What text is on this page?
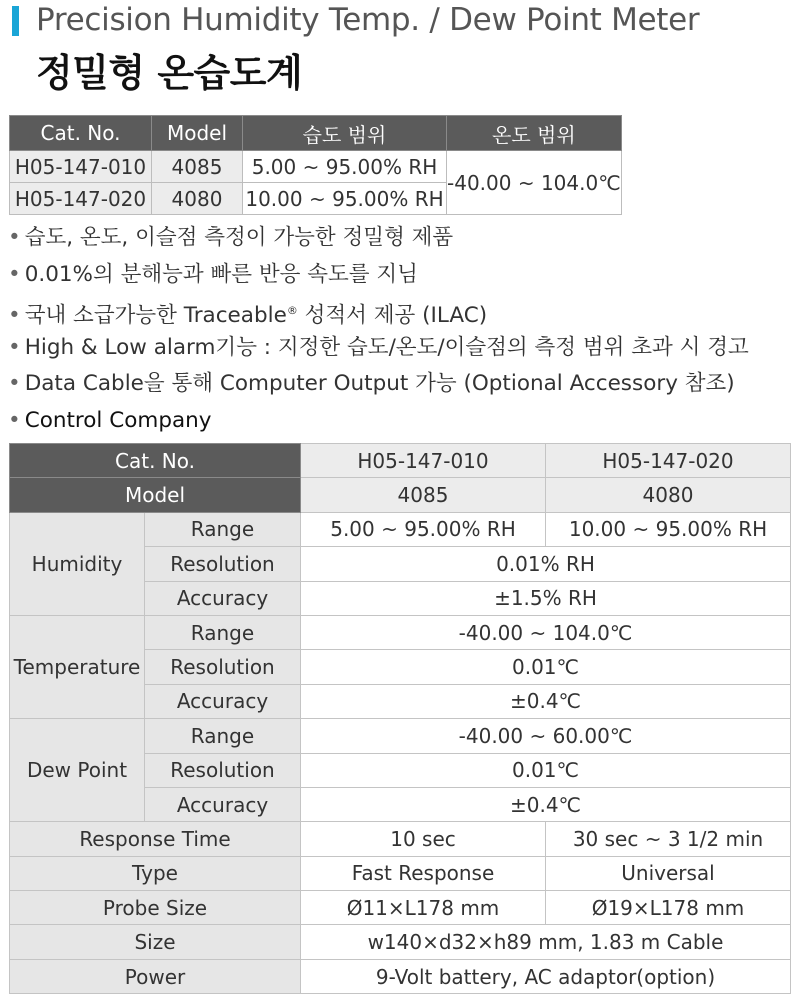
Precision Humidity Temp. / Dew Point Meter
정밀형 온습도계
Cat. No.	Model	습도 범위	온도 범위
H05-147-010	4085	5.00 ~ 95.00% RH	-40.00 ~ 104.0℃
H05-147-020	4080	10.00 ~ 95.00% RH	
• 습도, 온도, 이슬점 측정이 가능한 정밀형 제품
• 0.01%의 분해능과 빠른 반응 속도를 지님
• 국내 소급가능한 Traceable® 성적서 제공 (ILAC)
• High & Low alarm기능 : 지정한 습도/온도/이슬점의 측정 범위 초과 시 경고
• Data Cable을 통해 Computer Output 가능 (Optional Accessory 참조)
• Control Company
Cat. No.		H05-147-010	H05-147-020
Model		4085	4080
Humidity	Range	5.00 ~ 95.00% RH	10.00 ~ 95.00% RH
	Resolution	0.01% RH	
	Accuracy	±1.5% RH	
Temperature	Range	-40.00 ~ 104.0℃	
	Resolution	0.01℃	
	Accuracy	±0.4℃	
Dew Point	Range	-40.00 ~ 60.00℃	
	Resolution	0.01℃	
	Accuracy	±0.4℃	
Response Time		10 sec	30 sec ~ 3 1/2 min
Type		Fast Response	Universal
Probe Size		Ø11×L178 mm	Ø19×L178 mm
Size		w140×d32×h89 mm, 1.83 m Cable	
Power		9-Volt battery, AC adaptor(option)	
